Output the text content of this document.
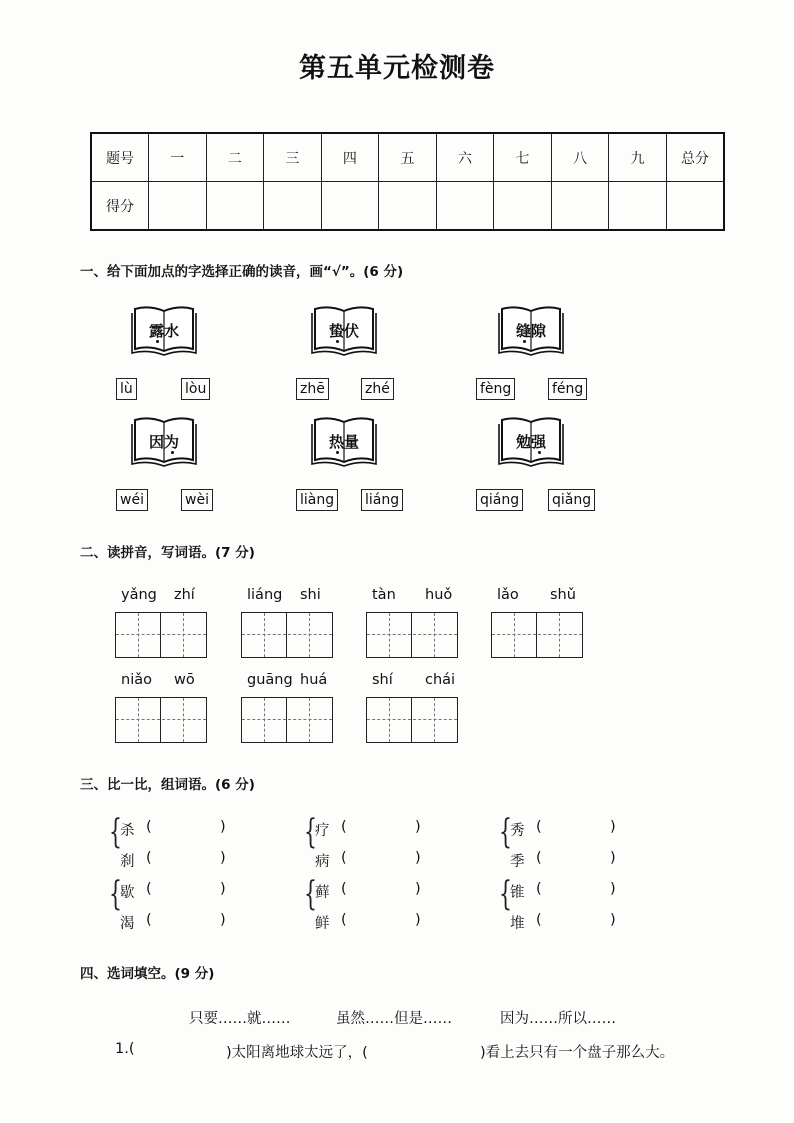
第五单元检测卷
题号	一	二	三	四	五	六	七	八	九	总分
得分										
一、给下面加点的字选择正确的读音，画“√”。(6 分)
露水
lù	lòu
蛰伏
zhē	zhé
缝隙
fèng	féng
因为
wéi	wèi
热量
liàng liáng
勉强
qiáng qiǎng
二、读拼音，写词语。(7 分)
yǎng zhí	liáng shi	tàn huǒ	lǎo shǔ
niǎo wō	guāng huá	shí chái
三、比一比，组词语。(6 分)
{
杀 (	)
刹 (	)
{
疗 (	)
病 (	)
{
秀 (	)
季 (	)
{
歇 (	)
渴 (	)
{
藓 (	)
鲜 (	)
{
锥 (	)
堆 (	)
四、选词填空。(9 分)
只要……就……	虽然……但是……	因为……所以……
1.(	)太阳离地球太远了，(	)看上去只有一个盘子那么大。
